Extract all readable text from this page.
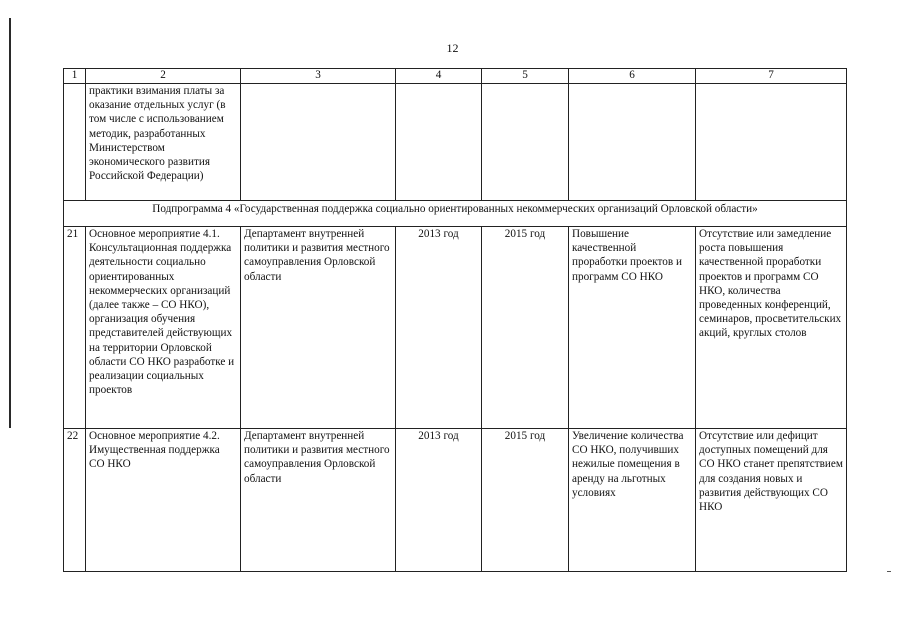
12
1	2	3	4	5	6	7
	практики взимания платы за оказание отдельных услуг (в том числе с использованием методик, разработанных Министерством экономического развития Российской Федерации)					
Подпрограмма 4 «Государственная поддержка социально ориентированных некоммерческих организаций Орловской области»						
21	Основное мероприятие 4.1. Консультационная поддержка деятельности социально ориентированных некоммерческих организаций (далее также – СО НКО), организация обучения представителей действующих на территории Орловской области СО НКО разработке и реализации социальных проектов	Департамент внутренней политики и развития местного самоуправления Орловской области	2013 год	2015 год	Повышение качественной проработки проектов и программ СО НКО	Отсутствие или замедление роста повышения качественной проработки проектов и программ СО НКО, количества проведенных конференций, семинаров, просветительских акций, круглых столов
22	Основное мероприятие 4.2. Имущественная поддержка СО НКО	Департамент внутренней политики и развития местного самоуправления Орловской области	2013 год	2015 год	Увеличение количества СО НКО, получивших нежилые помещения в аренду на льготных условиях	Отсутствие или дефицит доступных помещений для СО НКО станет препятствием для создания новых и развития действующих СО НКО
